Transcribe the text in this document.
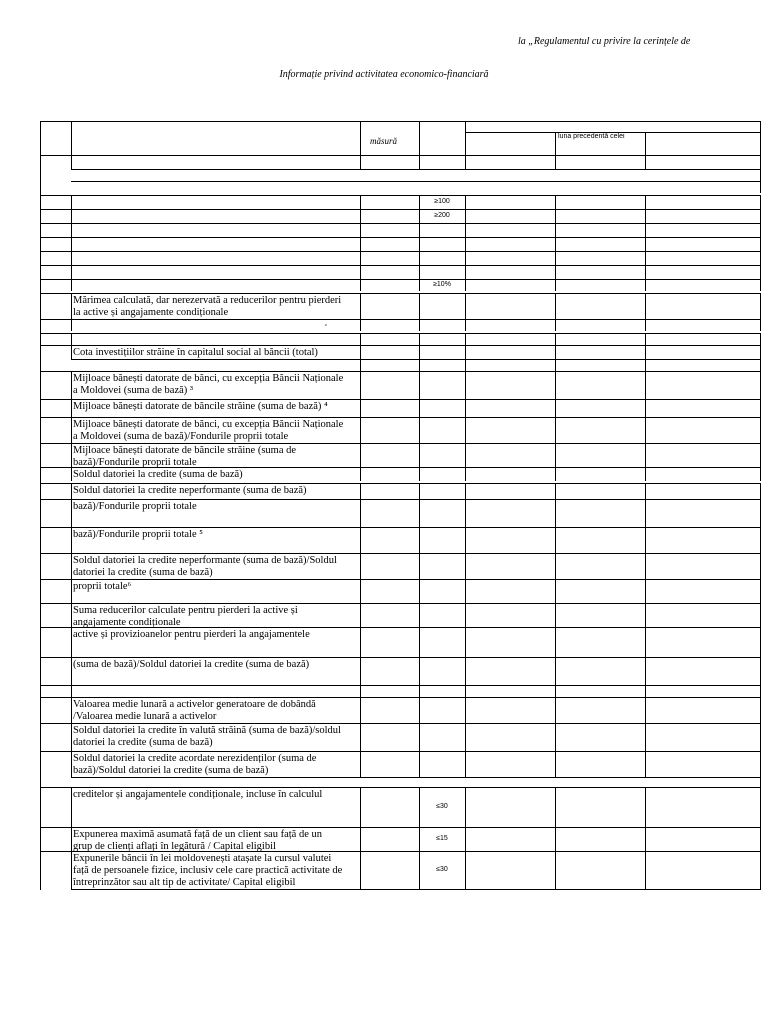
la „Regulamentul cu privire la cerințele de
Informație privind activitatea economico-financiară
măsură	luna precedentă celei
≥100
≥200
≥10%
Mărimea calculată, dar nerezervată a reducerilor pentru pierderi
la active și angajamente condiționale
ᶻ
Cota investițiilor străine în capitalul social al băncii (total)
Mijloace bănești datorate de bănci, cu excepția Băncii Naționale
a Moldovei (suma de bază) ³
Mijloace bănești datorate de băncile străine (suma de bază) ⁴
Mijloace bănești datorate de bănci, cu excepția Băncii Naționale
a Moldovei (suma de bază)/Fondurile proprii totale
Mijloace bănești datorate de băncile străine (suma de
bază)/Fondurile proprii totale
Soldul datoriei la credite (suma de bază)
Soldul datoriei la credite neperformante (suma de bază)
bază)/Fondurile proprii totale
bază)/Fondurile proprii totale ⁵
Soldul datoriei la credite neperformante (suma de bază)/Soldul
datoriei la credite (suma de bază)
proprii totale⁶
Suma reducerilor calculate pentru pierderi la active și
angajamente condiționale
active și provizioanelor pentru pierderi la angajamentele
(suma de bază)/Soldul datoriei la credite (suma de bază)
Valoarea medie lunară a activelor generatoare de dobândă
/Valoarea medie lunară a activelor
Soldul datoriei la credite în valută străină (suma de bază)/soldul
datoriei la credite (suma de bază)
Soldul datoriei la credite acordate nerezidenților (suma de
bază)/Soldul datoriei la credite (suma de bază)
creditelor și angajamentele condiționale, incluse în calculul
≤30
Expunerea maximă asumată față de un client sau față de un
grup de clienți aflați în legătură / Capital eligibil
≤15
Expunerile băncii în lei moldovenești atașate la cursul valutei
față de persoanele fizice, inclusiv cele care practică activitate de
întreprinzător sau alt tip de activitate/ Capital eligibil
≤30
